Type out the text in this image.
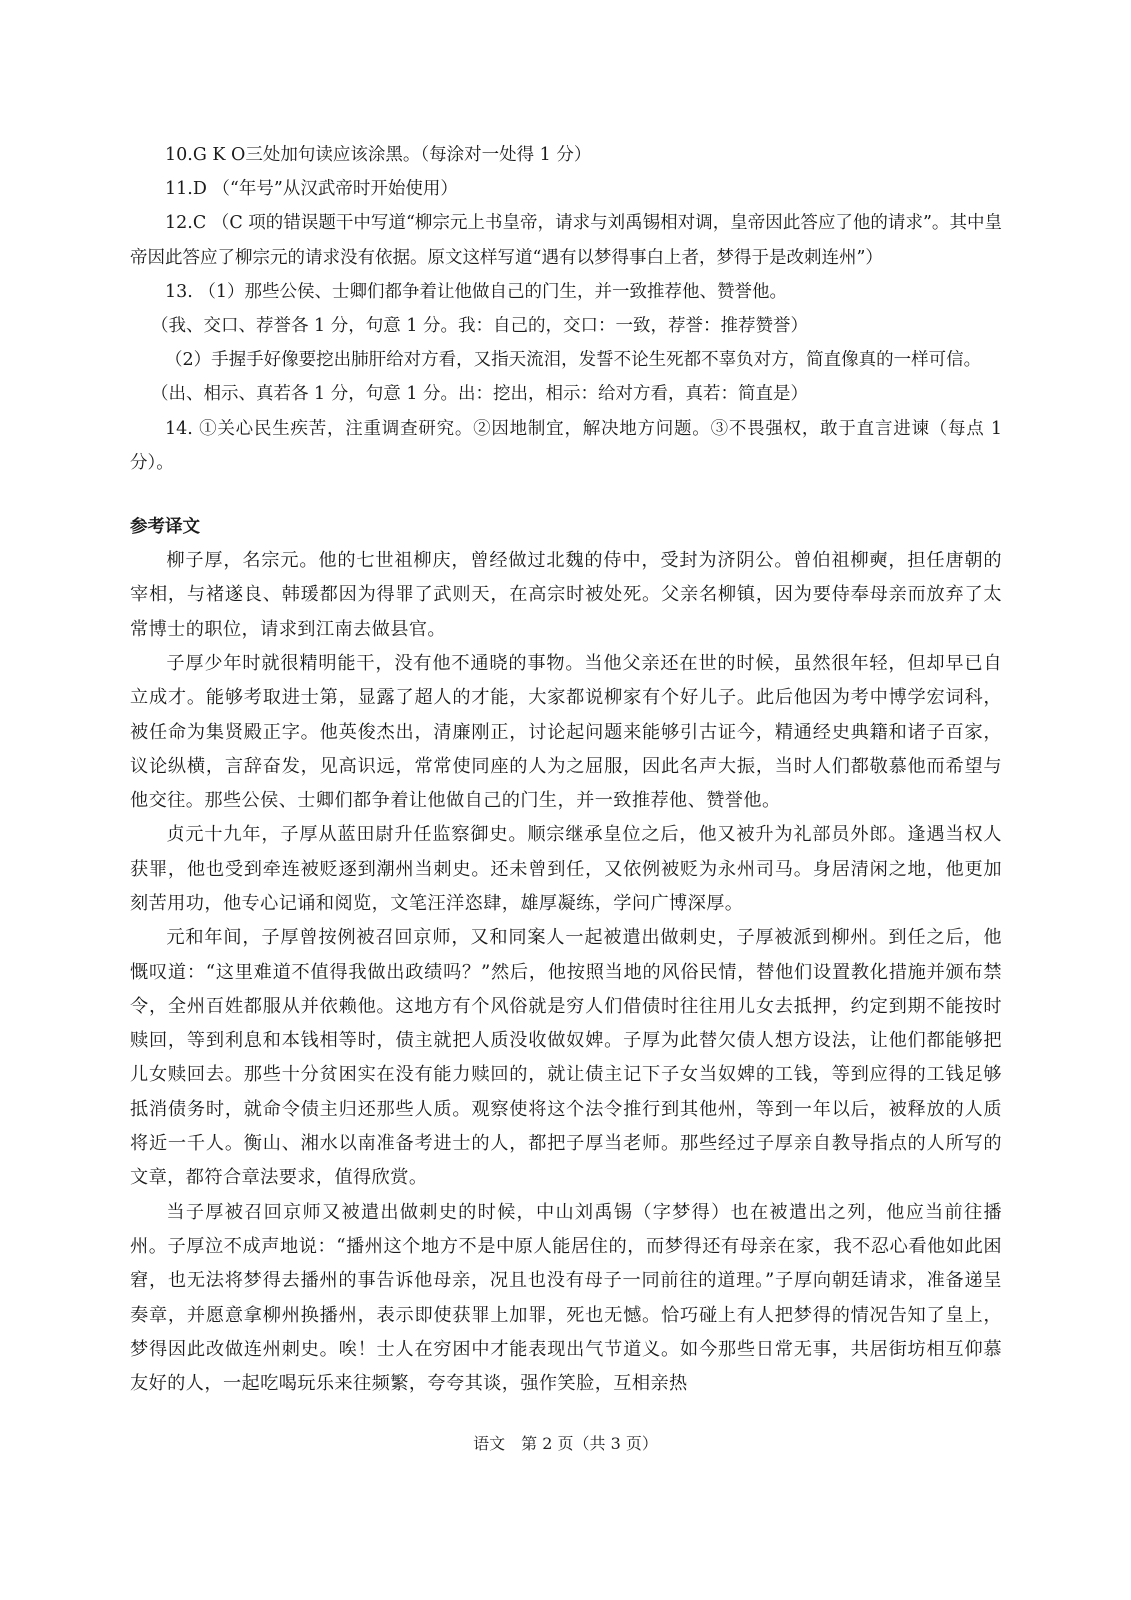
10.G K O三处加句读应该涂黑。（每涂对一处得 1 分）

11.D （“年号”从汉武帝时开始使用）

12.C （C 项的错误题干中写道“柳宗元上书皇帝，请求与刘禹锡相对调，皇帝因此答应了他的请求”。其中皇帝因此答应了柳宗元的请求没有依据。原文这样写道“遇有以梦得事白上者，梦得于是改刺连州”）

13. （1）那些公侯、士卿们都争着让他做自己的门生，并一致推荐他、赞誉他。

（我、交口、荐誉各 1 分，句意 1 分。我：自己的，交口：一致，荐誉：推荐赞誉）

（2）手握手好像要挖出肺肝给对方看，又指天流泪，发誓不论生死都不辜负对方，简直像真的一样可信。

（出、相示、真若各 1 分，句意 1 分。出：挖出，相示：给对方看，真若：简直是）

14. ①关心民生疾苦，注重调查研究。②因地制宜，解决地方问题。③不畏强权，敢于直言进谏（每点 1 分）。

参考译文

柳子厚，名宗元。他的七世祖柳庆，曾经做过北魏的侍中，受封为济阴公。曾伯祖柳奭，担任唐朝的宰相，与褚遂良、韩瑗都因为得罪了武则天，在高宗时被处死。父亲名柳镇，因为要侍奉母亲而放弃了太常博士的职位，请求到江南去做县官。

子厚少年时就很精明能干，没有他不通晓的事物。当他父亲还在世的时候，虽然很年轻，但却早已自立成才。能够考取进士第，显露了超人的才能，大家都说柳家有个好儿子。此后他因为考中博学宏词科，被任命为集贤殿正字。他英俊杰出，清廉刚正，讨论起问题来能够引古证今，精通经史典籍和诸子百家，议论纵横，言辞奋发，见高识远，常常使同座的人为之屈服，因此名声大振，当时人们都敬慕他而希望与他交往。那些公侯、士卿们都争着让他做自己的门生，并一致推荐他、赞誉他。

贞元十九年，子厚从蓝田尉升任监察御史。顺宗继承皇位之后，他又被升为礼部员外郎。逢遇当权人获罪，他也受到牵连被贬逐到潮州当刺史。还未曾到任，又依例被贬为永州司马。身居清闲之地，他更加刻苦用功，他专心记诵和阅览，文笔汪洋恣肆，雄厚凝练，学问广博深厚。

元和年间，子厚曾按例被召回京师，又和同案人一起被遣出做刺史，子厚被派到柳州。到任之后，他慨叹道：“这里难道不值得我做出政绩吗？”然后，他按照当地的风俗民情，替他们设置教化措施并颁布禁令，全州百姓都服从并依赖他。这地方有个风俗就是穷人们借债时往往用儿女去抵押，约定到期不能按时赎回，等到利息和本钱相等时，债主就把人质没收做奴婢。子厚为此替欠债人想方设法，让他们都能够把儿女赎回去。那些十分贫困实在没有能力赎回的，就让债主记下子女当奴婢的工钱，等到应得的工钱足够抵消债务时，就命令债主归还那些人质。观察使将这个法令推行到其他州，等到一年以后，被释放的人质将近一千人。衡山、湘水以南准备考进士的人，都把子厚当老师。那些经过子厚亲自教导指点的人所写的文章，都符合章法要求，值得欣赏。

当子厚被召回京师又被遣出做刺史的时候，中山刘禹锡（字梦得）也在被遣出之列，他应当前往播州。子厚泣不成声地说：“播州这个地方不是中原人能居住的，而梦得还有母亲在家，我不忍心看他如此困窘，也无法将梦得去播州的事告诉他母亲，况且也没有母子一同前往的道理。”子厚向朝廷请求，准备递呈奏章，并愿意拿柳州换播州，表示即使获罪上加罪，死也无憾。恰巧碰上有人把梦得的情况告知了皇上，梦得因此改做连州刺史。唉！士人在穷困中才能表现出气节道义。如今那些日常无事，共居街坊相互仰慕友好的人，一起吃喝玩乐来往频繁，夸夸其谈，强作笑脸，互相亲热

语文　第 2 页（共 3 页）
